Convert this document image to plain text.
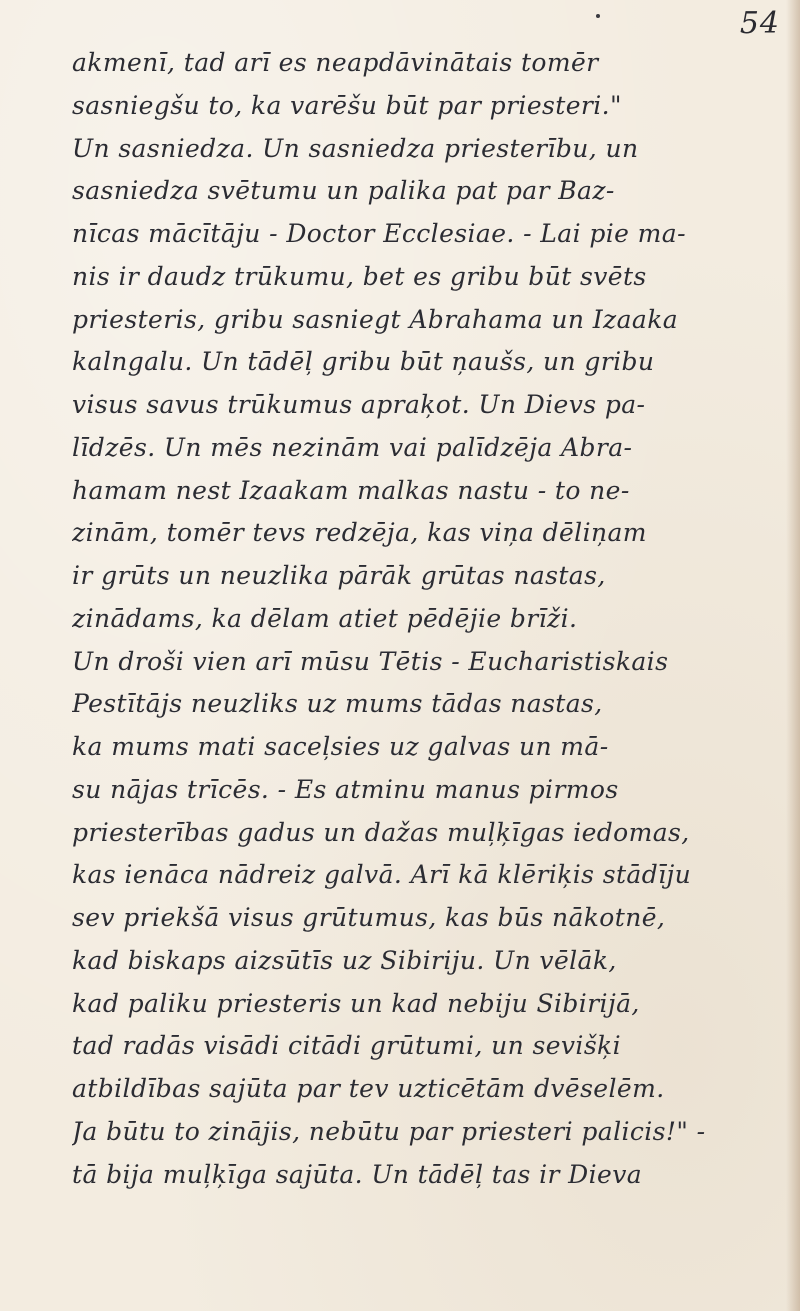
54
akmenī, tad arī es neapdāvinātais tomēr
sasniegšu to, ka varēšu būt par priesteri."
Un sasniedza. Un sasniedza priesterību, un
sasniedza svētumu un palika pat par Baz-
nīcas mācītāju - Doctor Ecclesiae. - Lai pie ma-
nis ir daudz trūkumu, bet es gribu būt svēts
priesteris, gribu sasniegt Abrahama un Izaaka
kalngalu. Un tādēļ gribu būt ņaušs, un gribu
visus savus trūkumus apraķot. Un Dievs pa-
līdzēs. Un mēs nezinām vai palīdzēja Abra-
hamam nest Izaakam malkas nastu - to ne-
zinām, tomēr tevs redzēja, kas viņa dēliņam
ir grūts un neuzlika pārāk grūtas nastas,
zinādams, ka dēlam atiet pēdējie brīži.
Un droši vien arī mūsu Tētis - Eucharistiskais
Pestītājs neuzliks uz mums tādas nastas,
ka mums mati saceļsies uz galvas un mā-
su nājas trīcēs. - Es atminu manus pirmos
priesterības gadus un dažas muļķīgas iedomas,
kas ienāca nādreiz galvā. Arī kā klēriķis stādīju
sev priekšā visus grūtumus, kas būs nākotnē,
kad biskaps aizsūtīs uz Sibiriju. Un vēlāk,
kad paliku priesteris un kad nebiju Sibirijā,
tad radās visādi citādi grūtumi, un sevišķi
atbildības sajūta par tev uzticētām dvēselēm.
Ja būtu to zinājis, nebūtu par priesteri palicis!" -
tā bija muļķīga sajūta. Un tādēļ tas ir Dieva
